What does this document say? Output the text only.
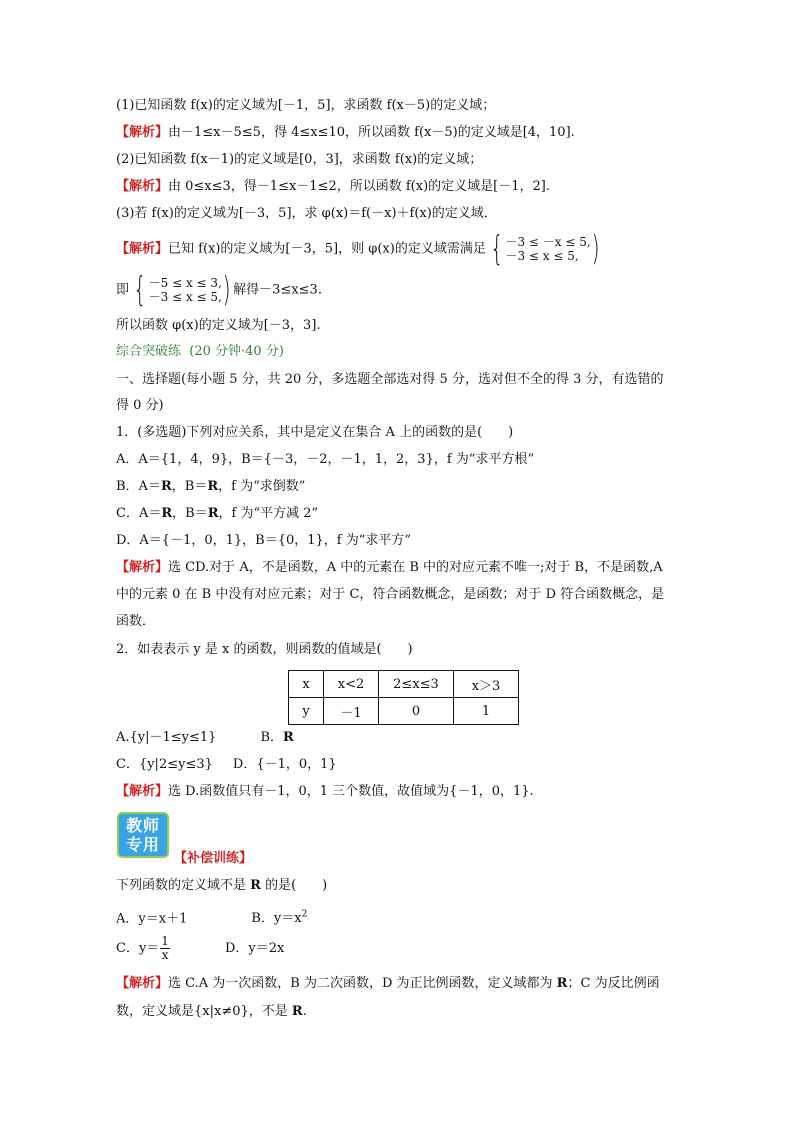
(1)已知函数 f(x)的定义域为[－1，5]，求函数 f(x－5)的定义域；
【解析】由－1≤x－5≤5，得 4≤x≤10，所以函数 f(x－5)的定义域是[4，10].
(2)已知函数 f(x－1)的定义域是[0，3]，求函数 f(x)的定义域；
【解析】由 0≤x≤3，得－1≤x－1≤2，所以函数 f(x)的定义域是[－1，2].
(3)若 f(x)的定义域为[－3，5]，求 φ(x)＝f(－x)＋f(x)的定义域．
【解析】已知 f(x)的定义域为[－3，5]，则 φ(x)的定义域需满足 { －3 ≤ －x ≤ 5,
－3 ≤ x ≤ 5, )
即 { －5 ≤ x ≤ 3,
－3 ≤ x ≤ 5, ) 解得－3≤x≤3.
所以函数 φ(x)的定义域为[－3，3].
综合突破练 (20 分钟·40 分)
一、选择题(每小题 5 分，共 20 分，多选题全部选对得 5 分，选对但不全的得 3 分，有选错的
得 0 分)
1．(多选题)下列对应关系，其中是定义在集合 A 上的函数的是(　　)
A．A＝{1，4，9}，B＝{－3，－2，－1，1，2，3}，f 为“求平方根”
B．A＝R，B＝R，f 为“求倒数”
C．A＝R，B＝R，f 为“平方减 2”
D．A＝{－1，0，1}，B＝{0，1}，f 为“求平方”
【解析】选 CD.对于 A，不是函数，A 中的元素在 B 中的对应元素不唯一;对于 B，不是函数,A
中的元素 0 在 B 中没有对应元素；对于 C，符合函数概念，是函数；对于 D 符合函数概念，是
函数．
2．如表表示 y 是 x 的函数，则函数的值域是(　　)
x	x<2	2≤x≤3	x＞3
y	－1	0	1
A.{y|－1≤y≤1}	B．R
C．{y|2≤y≤3} D．{－1，0，1}
【解析】选 D.函数值只有－1，0，1 三个数值，故值域为{－1，0，1}.
教师
专用
【补偿训练】
下列函数的定义域不是 R 的是(　　)
A．y＝x＋1	B．$y=x^2$
C．$y= \frac{1}{x}$	D．y＝2x
【解析】选 C.A 为一次函数，B 为二次函数，D 为正比例函数，定义域都为 R；C 为反比例函
数，定义域是{x|x≠0}，不是 R.
